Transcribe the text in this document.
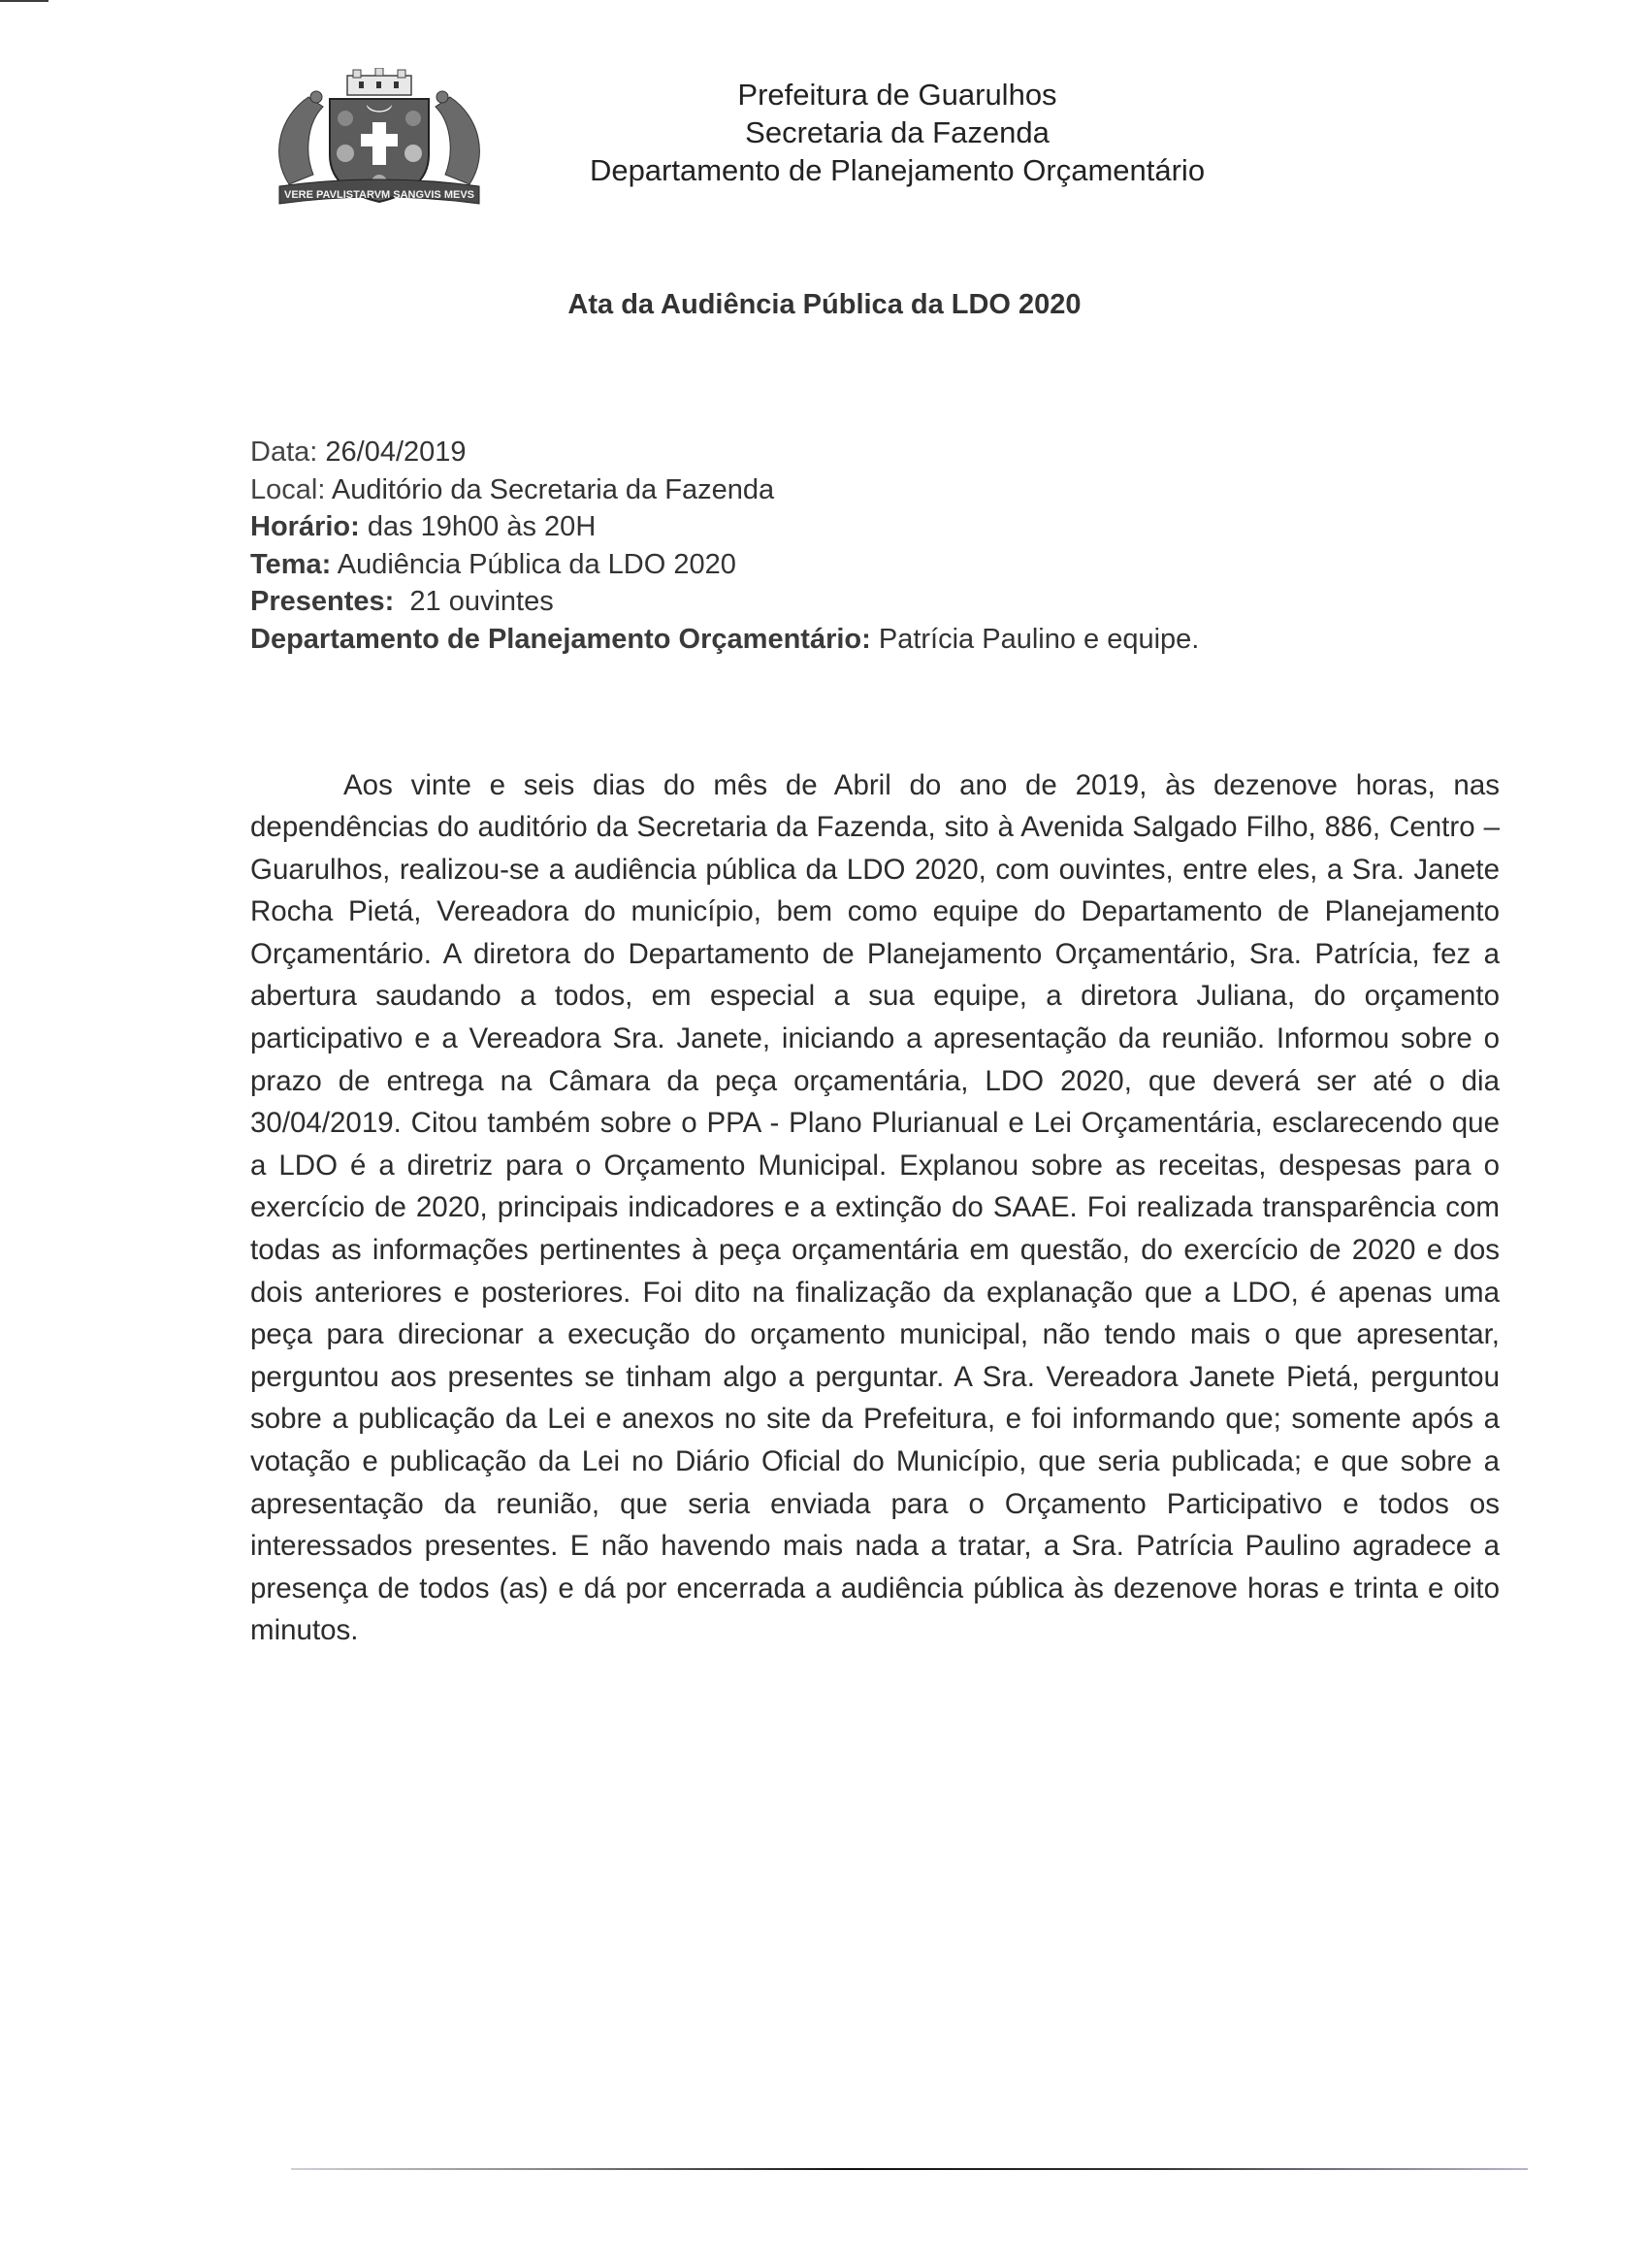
VERE PAVLISTARVM SANGVIS MEVS
Prefeitura de Guarulhos
Secretaria da Fazenda
Departamento de Planejamento Orçamentário
Ata da Audiência Pública da LDO 2020
Data: 26/04/2019
Local: Auditório da Secretaria da Fazenda
Horário: das 19h00 às 20H
Tema: Audiência Pública da LDO 2020
Presentes: 21 ouvintes
Departamento de Planejamento Orçamentário: Patrícia Paulino e equipe.

Aos vinte e seis dias do mês de Abril do ano de 2019, às dezenove horas, nas dependências do auditório da Secretaria da Fazenda, sito à Avenida Salgado Filho, 886, Centro – Guarulhos, realizou-se a audiência pública da LDO 2020, com ouvintes, entre eles, a Sra. Janete Rocha Pietá, Vereadora do município, bem como equipe do Departamento de Planejamento Orçamentário. A diretora do Departamento de Planejamento Orçamentário, Sra. Patrícia, fez a abertura saudando a todos, em especial a sua equipe, a diretora Juliana, do orçamento participativo e a Vereadora Sra. Janete, iniciando a apresentação da reunião. Informou sobre o prazo de entrega na Câmara da peça orçamentária, LDO 2020, que deverá ser até o dia 30/04/2019. Citou também sobre o PPA - Plano Plurianual e Lei Orçamentária, esclarecendo que a LDO é a diretriz para o Orçamento Municipal. Explanou sobre as receitas, despesas para o exercício de 2020, principais indicadores e a extinção do SAAE. Foi realizada transparência com todas as informações pertinentes à peça orçamentária em questão, do exercício de 2020 e dos dois anteriores e posteriores. Foi dito na finalização da explanação que a LDO, é apenas uma peça para direcionar a execução do orçamento municipal, não tendo mais o que apresentar, perguntou aos presentes se tinham algo a perguntar. A Sra. Vereadora Janete Pietá, perguntou sobre a publicação da Lei e anexos no site da Prefeitura, e foi informando que; somente após a votação e publicação da Lei no Diário Oficial do Município, que seria publicada; e que sobre a apresentação da reunião, que seria enviada para o Orçamento Participativo e todos os interessados presentes. E não havendo mais nada a tratar, a Sra. Patrícia Paulino agradece a presença de todos (as) e dá por encerrada a audiência pública às dezenove horas e trinta e oito minutos.
